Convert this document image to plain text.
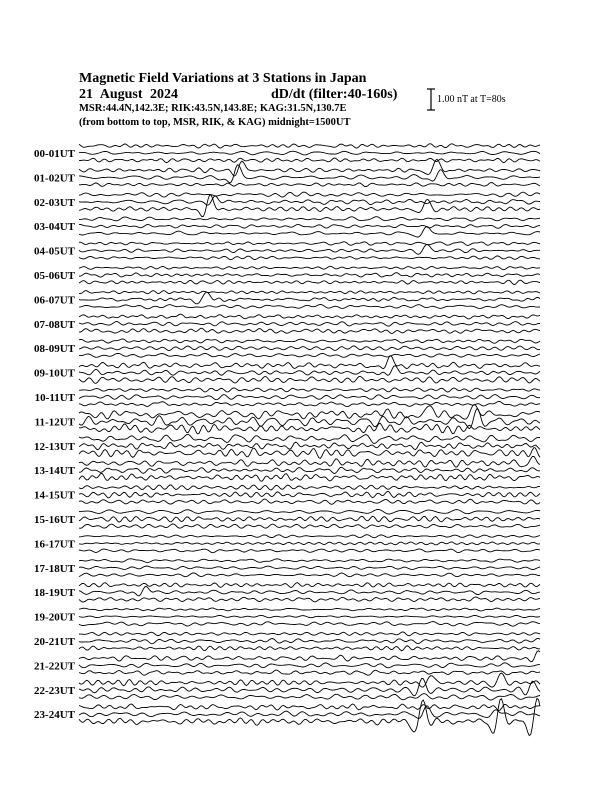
Magnetic Field Variations at 3 Stations in Japan
21 August 2024	dD/dt (filter:40-160s)
MSR:44.4N,142.3E; RIK:43.5N,143.8E; KAG:31.5N,130.7E
(from bottom to top, MSR, RIK, & KAG) midnight=1500UT
1.00 nT at T=80s
00-01UT
01-02UT
02-03UT
03-04UT
04-05UT
05-06UT
06-07UT
07-08UT
08-09UT
09-10UT
10-11UT
11-12UT
12-13UT
13-14UT
14-15UT
15-16UT
16-17UT
17-18UT
18-19UT
19-20UT
20-21UT
21-22UT
22-23UT
23-24UT
